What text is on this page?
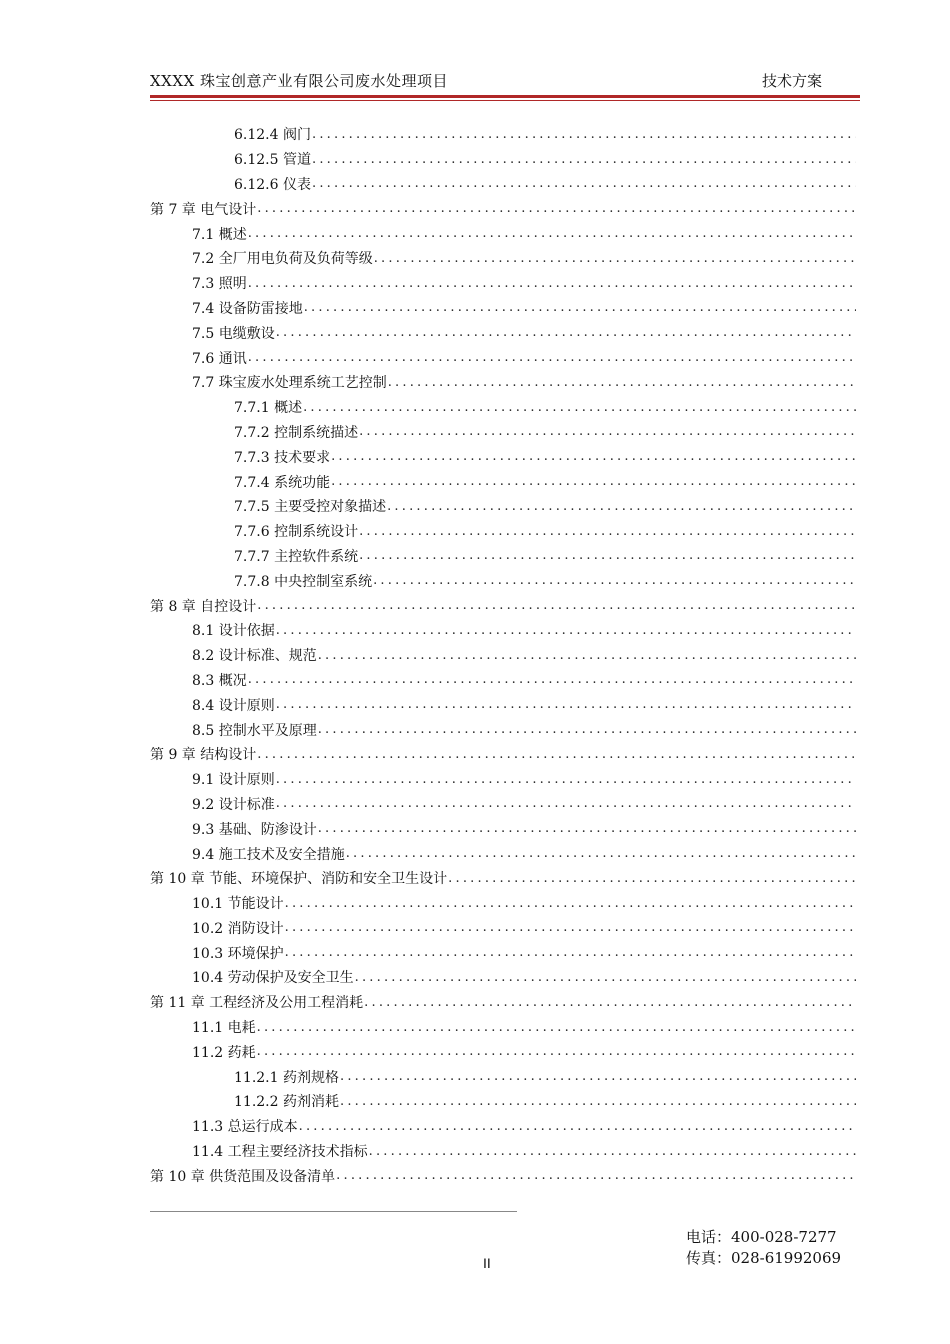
XXXX 珠宝创意产业有限公司废水处理项目	技术方案
6.12.4 阀门
.....
6.12.5 管道
.....
6.12.6 仪表
.....
第 7 章 电气设计
.....
7.1 概述
.....
7.2 全厂用电负荷及负荷等级
.....
7.3 照明
.....
7.4 设备防雷接地
.....
7.5 电缆敷设
.....
7.6 通讯
.....
7.7 珠宝废水处理系统工艺控制
.....
7.7.1 概述
.....
7.7.2 控制系统描述
.....
7.7.3 技术要求
.....
7.7.4 系统功能
.....
7.7.5 主要受控对象描述
.....
7.7.6 控制系统设计
.....
7.7.7 主控软件系统
.....
7.7.8 中央控制室系统
.....
第 8 章 自控设计
.....
8.1 设计依据
.....
8.2 设计标准、规范
.....
8.3 概况
.....
8.4 设计原则
.....
8.5 控制水平及原理
.....
第 9 章 结构设计
.....
9.1 设计原则
.....
9.2 设计标准
.....
9.3 基础、防渗设计
.....
9.4 施工技术及安全措施
.....
第 10 章 节能、环境保护、消防和安全卫生设计
.....
10.1 节能设计
.....
10.2 消防设计
.....
10.3 环境保护
.....
10.4 劳动保护及安全卫生
.....
第 11 章 工程经济及公用工程消耗
.....
11.1 电耗
.....
11.2 药耗
.....
11.2.1 药剂规格
.....
11.2.2 药剂消耗
.....
11.3 总运行成本
.....
11.4 工程主要经济技术指标
.....
第 10 章 供货范围及设备清单
.....
电话：400-028-7277
传真：028-61992069
II
